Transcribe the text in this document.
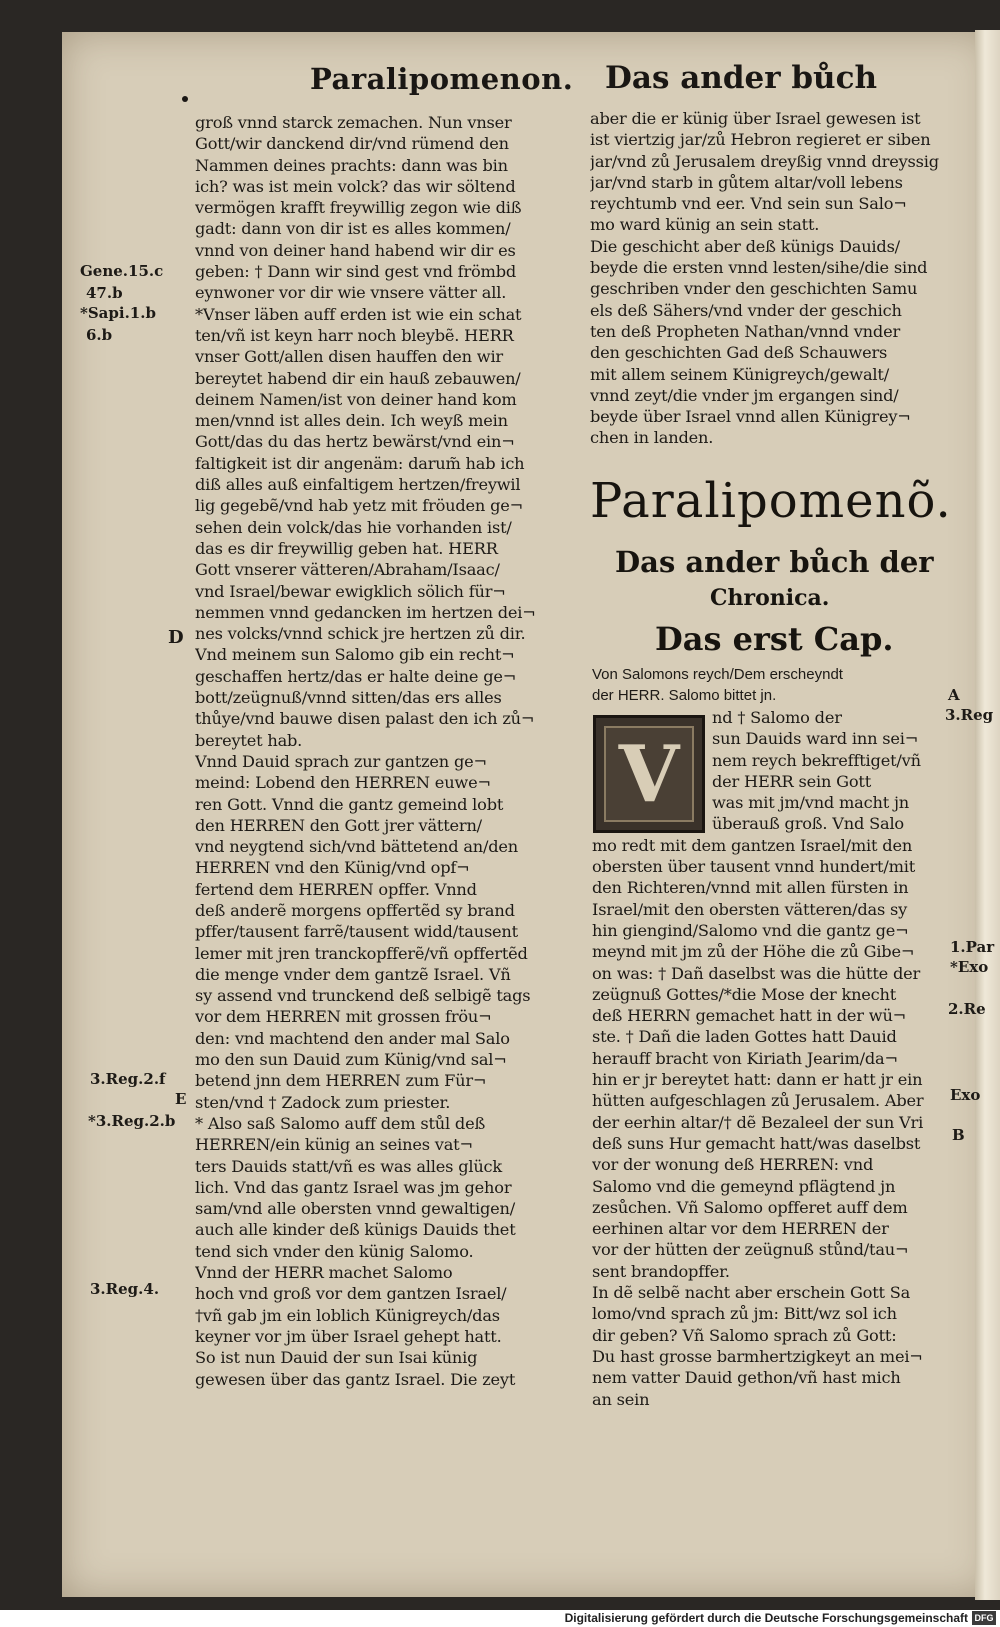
Paralipomenon. Das ander bůch
groß vnnd starck zemachen. Nun vnser
Gott/wir danckend dir/vnd rümend den
Nammen deines prachts: dann was bin
ich? was ist mein volck? das wir söltend
vermögen krafft freywillig zegon wie diß
gadt: dann von dir ist es alles kommen/
vnnd von deiner hand habend wir dir es
geben: † Dann wir sind gest vnd frömbd
eynwoner vor dir wie vnsere vätter all.
*Vnser läben auff erden ist wie ein schat
ten/vñ ist keyn harr noch bleybẽ. HERR
vnser Gott/allen disen hauffen den wir
bereytet habend dir ein hauß zebauwen/
deinem Namen/ist von deiner hand kom
men/vnnd ist alles dein. Ich weyß mein
Gott/das du das hertz bewärst/vnd ein¬
faltigkeit ist dir angenäm: darum̃ hab ich
diß alles auß einfaltigem hertzen/freywil
lig gegebẽ/vnd hab yetz mit fröuden ge¬
sehen dein volck/das hie vorhanden ist/
das es dir freywillig geben hat. HERR
Gott vnserer vätteren/Abraham/Isaac/
vnd Israel/bewar ewigklich sölich für¬
nemmen vnnd gedancken im hertzen dei¬
nes volcks/vnnd schick jre hertzen zů dir.
Vnd meinem sun Salomo gib ein recht¬
geschaffen hertz/das er halte deine ge¬
bott/zeügnuß/vnnd sitten/das ers alles
thůye/vnd bauwe disen palast den ich zů¬
bereytet hab.
Vnnd Dauid sprach zur gantzen ge¬
meind: Lobend den HERREN euwe¬
ren Gott. Vnnd die gantz gemeind lobt
den HERREN den Gott jrer vättern/
vnd neygtend sich/vnd bättetend an/den
HERREN vnd den Künig/vnd opf¬
fertend dem HERREN opffer. Vnnd
deß anderẽ morgens opffertẽd sy brand
pffer/tausent farrẽ/tausent widd/tausent
lemer mit jren tranckopfferẽ/vñ opffertẽd
die menge vnder dem gantzẽ Israel. Vñ
sy assend vnd trunckend deß selbigẽ tags
vor dem HERREN mit grossen fröu¬
den: vnd machtend den ander mal Salo
mo den sun Dauid zum Künig/vnd sal¬
betend jnn dem HERREN zum Für¬
sten/vnd † Zadock zum priester.
* Also saß Salomo auff dem stůl deß
HERREN/ein künig an seines vat¬
ters Dauids statt/vñ es was alles glück
lich. Vnd das gantz Israel was jm gehor
sam/vnd alle obersten vnnd gewaltigen/
auch alle kinder deß künigs Dauids thet
tend sich vnder den künig Salomo.
Vnnd der HERR machet Salomo
hoch vnd groß vor dem gantzen Israel/
†vñ gab jm ein loblich Künigreych/das
keyner vor jm über Israel gehept hatt.
So ist nun Dauid der sun Isai künig
gewesen über das gantz Israel. Die zeyt
Gene.15.c
47.b
*Sapi.1.b
6.b
D
3.Reg.2.f
E
*3.Reg.2.b
3.Reg.4.
aber die er künig über Israel gewesen ist
ist viertzig jar/zů Hebron regieret er siben
jar/vnd zů Jerusalem dreyßig vnnd dreyssig
jar/vnd starb in gůtem altar/voll lebens
reychtumb vnd eer. Vnd sein sun Salo¬
mo ward künig an sein statt.
Die geschicht aber deß künigs Dauids/
beyde die ersten vnnd lesten/sihe/die sind
geschriben vnder den geschichten Samu
els deß Sähers/vnd vnder der geschich
ten deß Propheten Nathan/vnnd vnder
den geschichten Gad deß Schauwers
mit allem seinem Künigreych/gewalt/
vnnd zeyt/die vnder jm ergangen sind/
beyde über Israel vnnd allen Künigrey¬
chen in landen.
Paralipomenõ.
Das ander bůch der
Chronica.
Das erst Cap.
Von Salomons reych/Dem erscheyndt
der HERR. Salomo bittet jn.
V
nd † Salomo der
sun Dauids ward inn sei¬
nem reych bekrefftiget/vñ
der HERR sein Gott
was mit jm/vnd macht jn
überauß groß. Vnd Salo
mo redt mit dem gantzen Israel/mit den
obersten über tausent vnnd hundert/mit
den Richteren/vnnd mit allen fürsten in
Israel/mit den obersten vätteren/das sy
hin giengind/Salomo vnd die gantz ge¬
meynd mit jm zů der Höhe die zů Gibe¬
on was: † Dañ daselbst was die hütte der
zeügnuß Gottes/*die Mose der knecht
deß HERRN gemachet hatt in der wü¬
ste. † Dañ die laden Gottes hatt Dauid
herauff bracht von Kiriath Jearim/da¬
hin er jr bereytet hatt: dann er hatt jr ein
hütten aufgeschlagen zů Jerusalem. Aber
der eerhin altar/† dẽ Bezaleel der sun Vri
deß suns Hur gemacht hatt/was daselbst
vor der wonung deß HERREN: vnd
Salomo vnd die gemeynd pflägtend jn
zesůchen. Vñ Salomo opfferet auff dem
eerhinen altar vor dem HERREN der
vor der hütten der zeügnuß stůnd/tau¬
sent brandopffer.
In dẽ selbẽ nacht aber erschein Gott Sa
lomo/vnd sprach zů jm: Bitt/wz sol ich
dir geben? Vñ Salomo sprach zů Gott:
Du hast grosse barmhertzigkeyt an mei¬
nem vatter Dauid gethon/vñ hast mich
an sein
A
3.Reg
1.Par
*Exo
2.Re
Exo
B
Digitalisierung gefördert durch die Deutsche Forschungsgemeinschaft DFG
